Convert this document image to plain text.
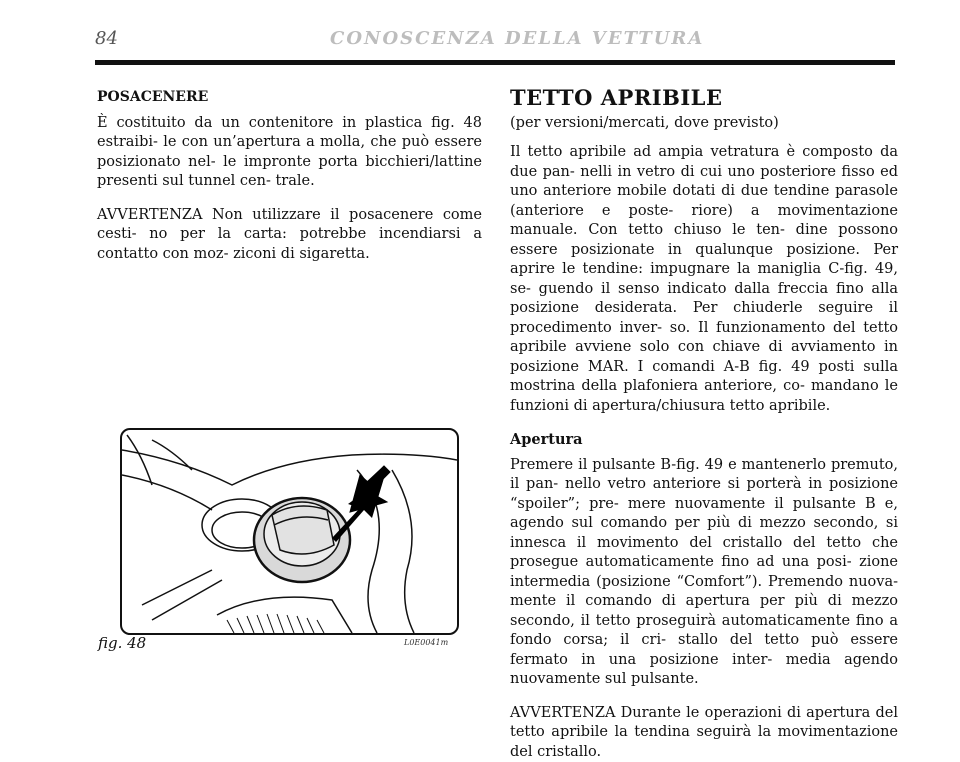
84	CONOSCENZA DELLA VETTURA
POSACENERE

È costituito da un contenitore in plastica fig. 48 estraibi- le con un’apertura a molla, che può essere posizionato nel- le impronte porta bicchieri/lattine presenti sul tunnel cen- trale.

AVVERTENZA Non utilizzare il posacenere come cesti- no per la carta: potrebbe incendiarsi a contatto con moz- ziconi di sigaretta.

fig. 48	L0E0041m
TETTO APRIBILE

(per versioni/mercati, dove previsto)

Il tetto apribile ad ampia vetratura è composto da due pan- nelli in vetro di cui uno posteriore fisso ed uno anteriore mobile dotati di due tendine parasole (anteriore e poste- riore) a movimentazione manuale. Con tetto chiuso le ten- dine possono essere posizionate in qualunque posizione. Per aprire le tendine: impugnare la maniglia C-fig. 49, se- guendo il senso indicato dalla freccia fino alla posizione desiderata. Per chiuderle seguire il procedimento inver- so. Il funzionamento del tetto apribile avviene solo con chiave di avviamento in posizione MAR. I comandi A-B fig. 49 posti sulla mostrina della plafoniera anteriore, co- mandano le funzioni di apertura/chiusura tetto apribile.

Apertura

Premere il pulsante B-fig. 49 e mantenerlo premuto, il pan- nello vetro anteriore si porterà in posizione “spoiler”; pre- mere nuovamente il pulsante B e, agendo sul comando per più di mezzo secondo, si innesca il movimento del cristallo del tetto che prosegue automaticamente fino ad una posi- zione intermedia (posizione “Comfort”). Premendo nuova- mente il comando di apertura per più di mezzo secondo, il tetto proseguirà automaticamente fino a fondo corsa; il cri- stallo del tetto può essere fermato in una posizione inter- media agendo nuovamente sul pulsante.

AVVERTENZA Durante le operazioni di apertura del tetto apribile la tendina seguirà la movimentazione del cristallo.
